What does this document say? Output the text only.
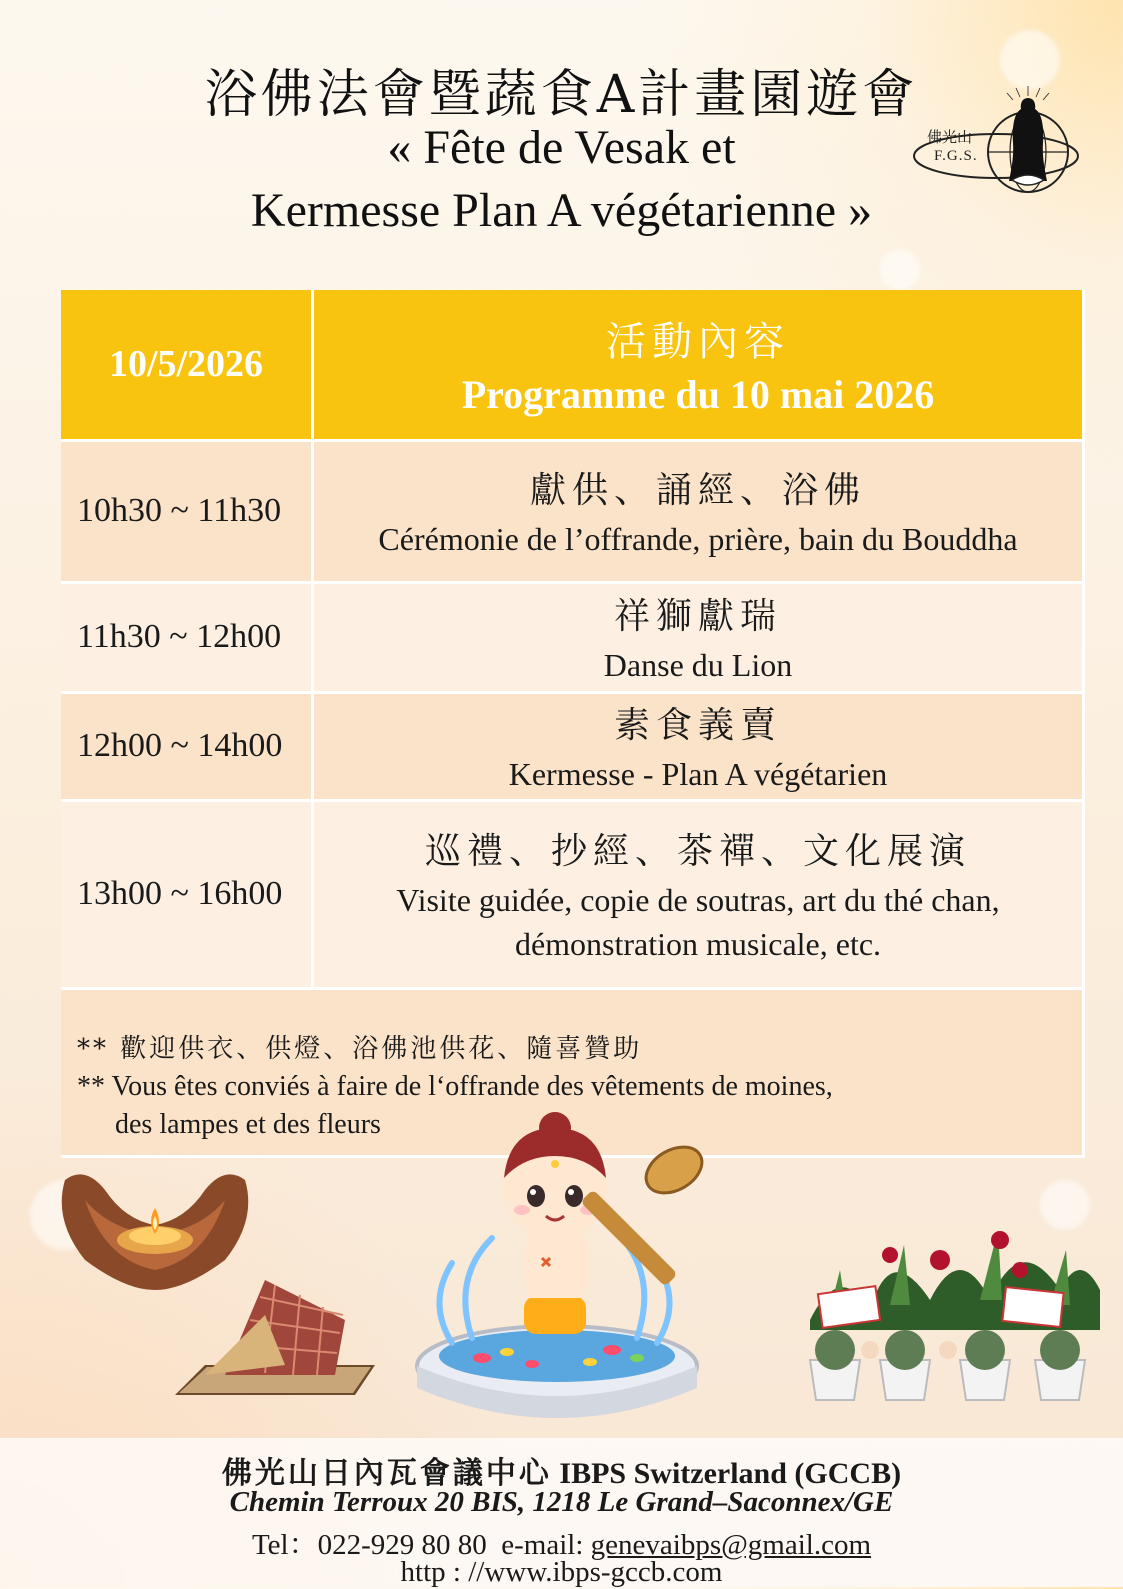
浴佛法會暨蔬食A計畫園遊會
« Fête de Vesak et
Kermesse Plan A végétarienne »
佛光山
F.G.S.
10/5/2026	活動內容
Programme du 10 mai 2026

10h30 ~ 11h30	獻供、誦經、浴佛
Cérémonie de l’offrande, prière, bain du Bouddha

11h30 ~ 12h00	祥獅獻瑞
Danse du Lion

12h00 ~ 14h00	素食義賣
Kermesse - Plan A végétarien

13h00 ~ 16h00	巡禮、抄經、茶禪、文化展演
Visite guidée, copie de soutras, art du thé chan,
démonstration musicale, etc.

** 歡迎供衣、供燈、浴佛池供花、隨喜贊助
** Vous êtes conviés à faire de l‘offrande des vêtements de moines,
des lampes et des fleurs	
佛光山日內瓦會議中心 IBPS Switzerland (GCCB)
Chemin Terroux 20 BIS, 1218 Le Grand–Saconnex/GE
Tel：022-929 80 80 e-mail: genevaibps@gmail.com
http : //www.ibps-gccb.com
